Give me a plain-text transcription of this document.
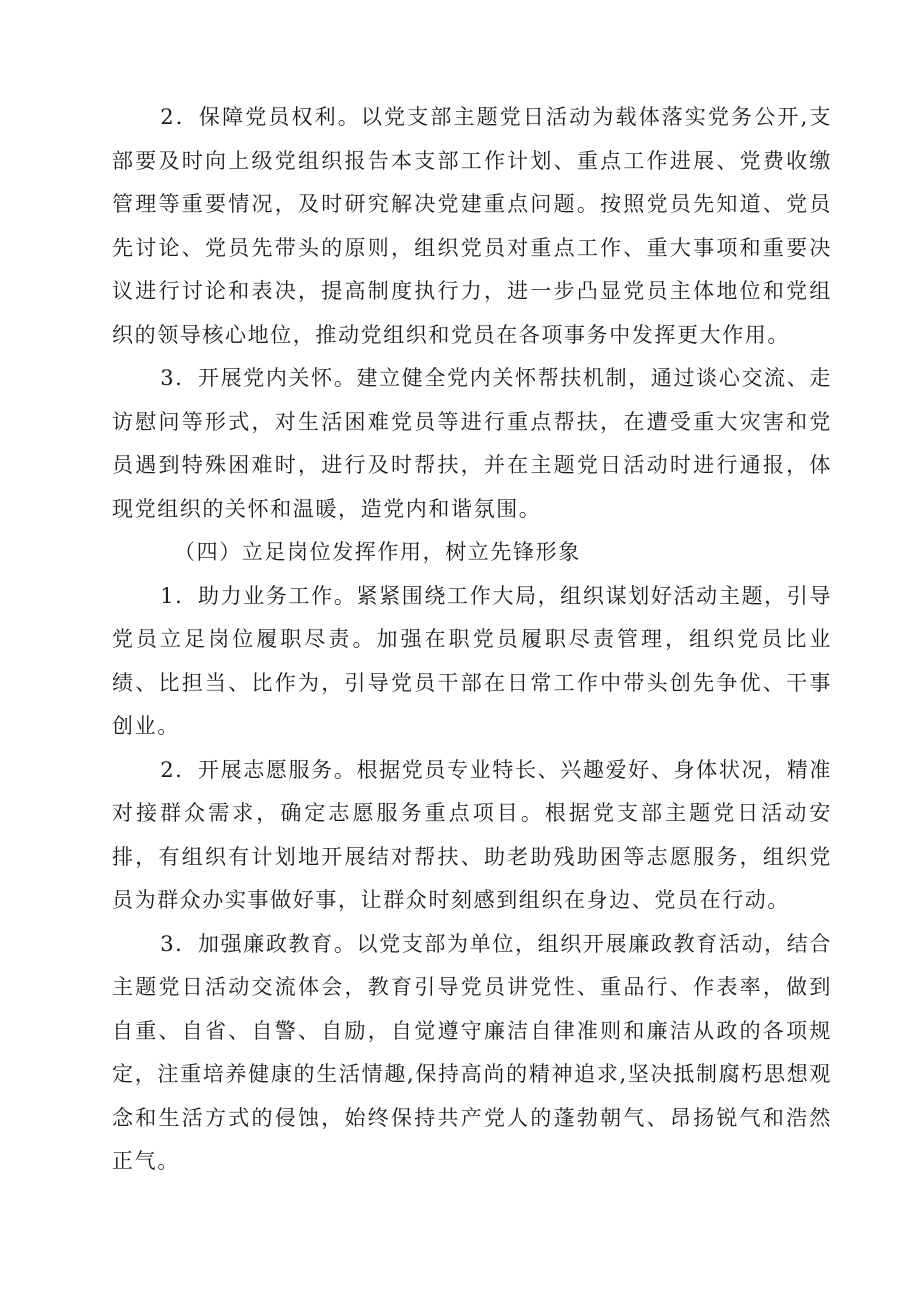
2．保障党员权利。以党支部主题党日活动为载体落实党务公开,支部要及时向上级党组织报告本支部工作计划、重点工作进展、党费收缴管理等重要情况，及时研究解决党建重点问题。按照党员先知道、党员先讨论、党员先带头的原则，组织党员对重点工作、重大事项和重要决议进行讨论和表决，提高制度执行力，进一步凸显党员主体地位和党组织的领导核心地位，推动党组织和党员在各项事务中发挥更大作用。

3．开展党内关怀。建立健全党内关怀帮扶机制，通过谈心交流、走访慰问等形式，对生活困难党员等进行重点帮扶，在遭受重大灾害和党员遇到特殊困难时，进行及时帮扶，并在主题党日活动时进行通报，体现党组织的关怀和温暖，造党内和谐氛围。

（四）立足岗位发挥作用，树立先锋形象

1．助力业务工作。紧紧围绕工作大局，组织谋划好活动主题，引导党员立足岗位履职尽责。加强在职党员履职尽责管理，组织党员比业绩、比担当、比作为，引导党员干部在日常工作中带头创先争优、干事创业。

2．开展志愿服务。根据党员专业特长、兴趣爱好、身体状况，精准对接群众需求，确定志愿服务重点项目。根据党支部主题党日活动安排，有组织有计划地开展结对帮扶、助老助残助困等志愿服务，组织党员为群众办实事做好事，让群众时刻感到组织在身边、党员在行动。

3．加强廉政教育。以党支部为单位，组织开展廉政教育活动，结合主题党日活动交流体会，教育引导党员讲党性、重品行、作表率，做到自重、自省、自警、自励，自觉遵守廉洁自律准则和廉洁从政的各项规定，注重培养健康的生活情趣,保持高尚的精神追求,坚决抵制腐朽思想观念和生活方式的侵蚀，始终保持共产党人的蓬勃朝气、昂扬锐气和浩然正气。
